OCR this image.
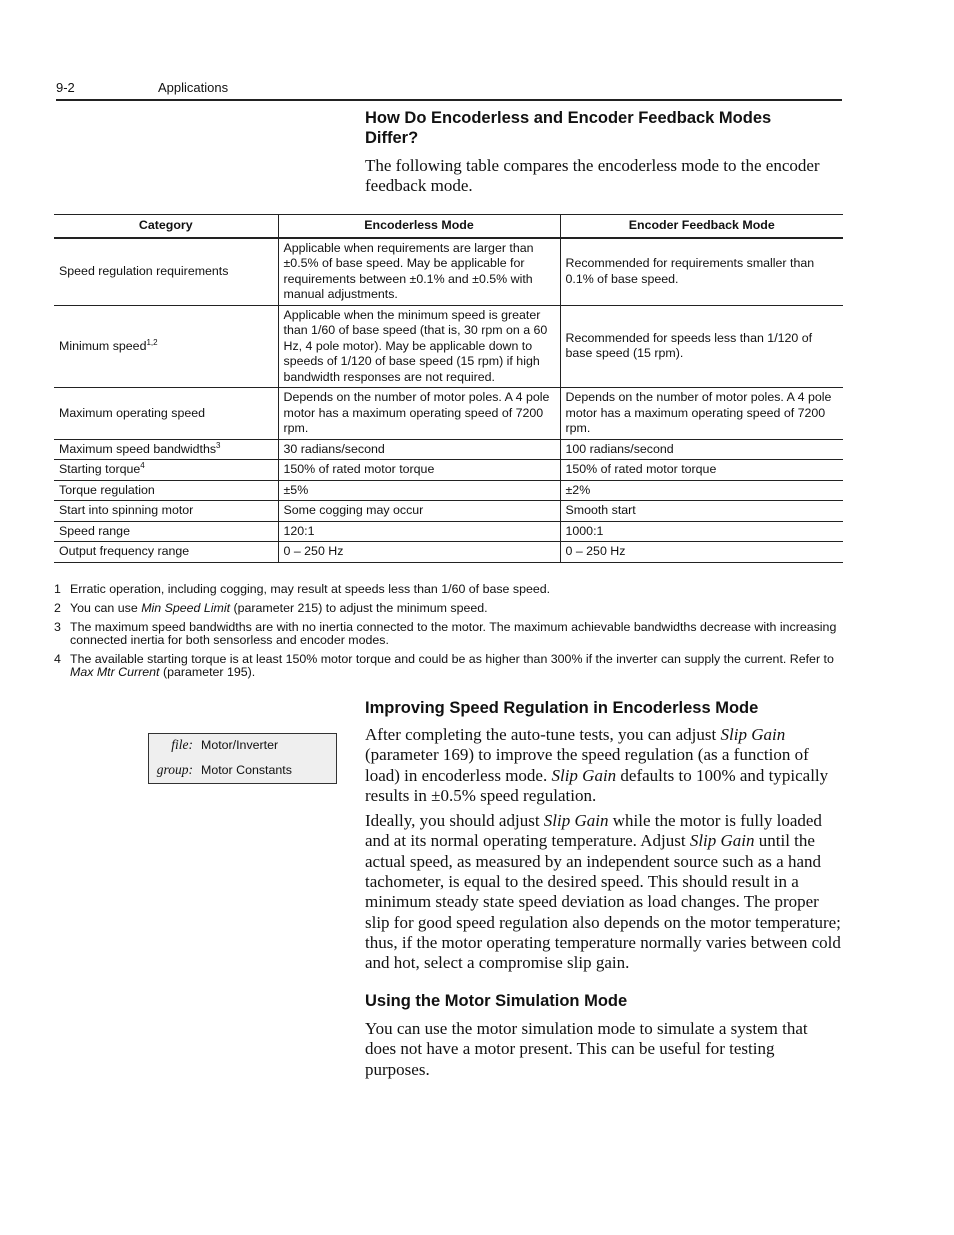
9-2	Applications
How Do Encoderless and Encoder Feedback Modes
Differ?

The following table compares the encoderless mode to the encoder feedback mode.

Category	Encoderless Mode	Encoder Feedback Mode
Speed regulation requirements	Applicable when requirements are larger than ±0.5% of base speed. May be applicable for requirements between ±0.1% and ±0.5% with manual adjustments.	Recommended for requirements smaller than 0.1% of base speed.
Minimum speed$^{1,2}$	Applicable when the minimum speed is greater than 1/60 of base speed (that is, 30 rpm on a 60 Hz, 4 pole motor). May be applicable down to speeds of 1/120 of base speed (15 rpm) if high bandwidth responses are not required.	Recommended for speeds less than 1/120 of base speed (15 rpm).
Maximum operating speed	Depends on the number of motor poles. A 4 pole motor has a maximum operating speed of 7200 rpm.	Depends on the number of motor poles. A 4 pole motor has a maximum operating speed of 7200 rpm.
Maximum speed bandwidths$^3$	30 radians/second	100 radians/second
Starting torque$^4$	150% of rated motor torque	150% of rated motor torque
Torque regulation	±5%	±2%
Start into spinning motor	Some cogging may occur	Smooth start
Speed range	120:1	1000:1
Output frequency range	0 – 250 Hz	0 – 250 Hz
1 Erratic operation, including cogging, may result at speeds less than 1/60 of base speed.
2 You can use Min Speed Limit (parameter 215) to adjust the minimum speed.
3 The maximum speed bandwidths are with no inertia connected to the motor. The maximum achievable bandwidths decrease with increasing connected inertia for both sensorless and encoder modes.
4 The available starting torque is at least 150% motor torque and could be as higher than 300% if the inverter can supply the current. Refer to Max Mtr Current (parameter 195).
file: Motor/Inverter
group: Motor Constants
Improving Speed Regulation in Encoderless Mode

After completing the auto-tune tests, you can adjust Slip Gain (parameter 169) to improve the speed regulation (as a function of load) in encoderless mode. Slip Gain defaults to 100% and typically results in ±0.5% speed regulation.

Ideally, you should adjust Slip Gain while the motor is fully loaded and at its normal operating temperature. Adjust Slip Gain until the actual speed, as measured by an independent source such as a hand tachometer, is equal to the desired speed. This should result in a minimum steady state speed deviation as load changes. The proper slip for good speed regulation also depends on the motor temperature; thus, if the motor operating temperature normally varies between cold and hot, select a compromise slip gain.

Using the Motor Simulation Mode

You can use the motor simulation mode to simulate a system that does not have a motor present. This can be useful for testing purposes.
